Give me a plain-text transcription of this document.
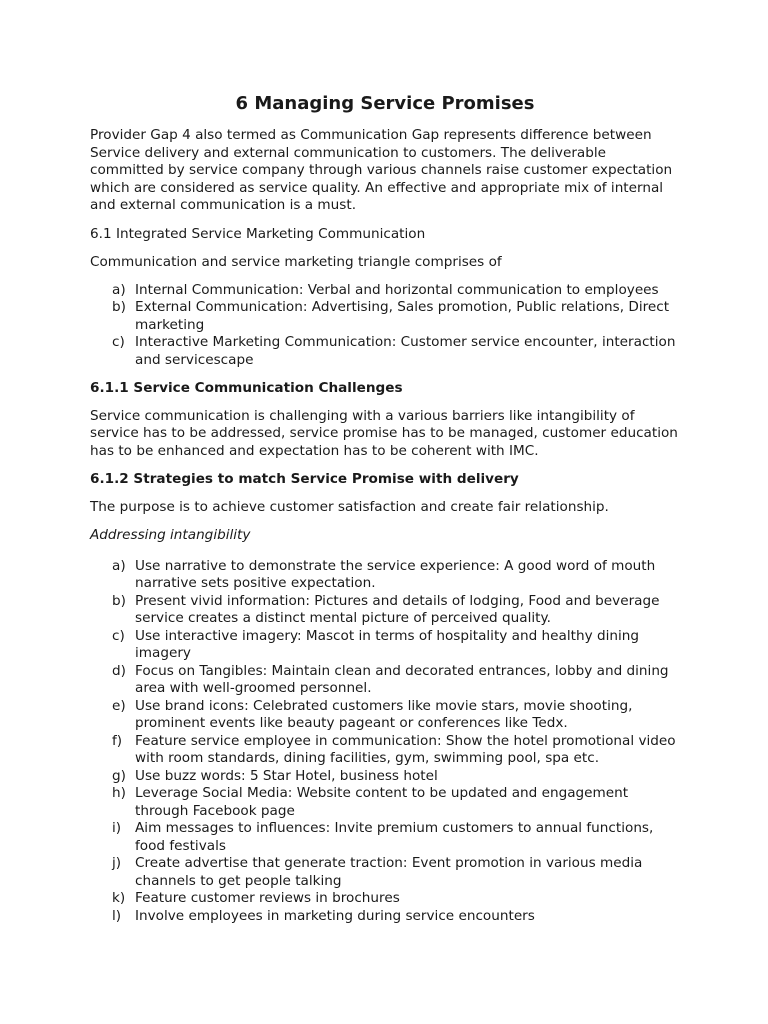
6 Managing Service Promises

Provider Gap 4 also termed as Communication Gap represents difference between Service delivery and external communication to customers. The deliverable committed by service company through various channels raise customer expectation which are considered as service quality. An effective and appropriate mix of internal and external communication is a must.

6.1 Integrated Service Marketing Communication

Communication and service marketing triangle comprises of

a) Internal Communication: Verbal and horizontal communication to employees
b) External Communication: Advertising, Sales promotion, Public relations, Direct marketing
c) Interactive Marketing Communication: Customer service encounter, interaction and servicescape
6.1.1 Service Communication Challenges

Service communication is challenging with a various barriers like intangibility of service has to be addressed, service promise has to be managed, customer education has to be enhanced and expectation has to be coherent with IMC.

6.1.2 Strategies to match Service Promise with delivery

The purpose is to achieve customer satisfaction and create fair relationship.

Addressing intangibility

a) Use narrative to demonstrate the service experience: A good word of mouth narrative sets positive expectation.
b) Present vivid information: Pictures and details of lodging, Food and beverage service creates a distinct mental picture of perceived quality.
c) Use interactive imagery: Mascot in terms of hospitality and healthy dining imagery
d) Focus on Tangibles: Maintain clean and decorated entrances, lobby and dining area with well-groomed personnel.
e) Use brand icons: Celebrated customers like movie stars, movie shooting, prominent events like beauty pageant or conferences like Tedx.
f) Feature service employee in communication: Show the hotel promotional video with room standards, dining facilities, gym, swimming pool, spa etc.
g) Use buzz words: 5 Star Hotel, business hotel
h) Leverage Social Media: Website content to be updated and engagement through Facebook page
i)	Aim messages to influences: Invite premium customers to annual functions, food festivals
j)	Create advertise that generate traction: Event promotion in various media channels to get people talking
k) Feature customer reviews in brochures
l)	Involve employees in marketing during service encounters
